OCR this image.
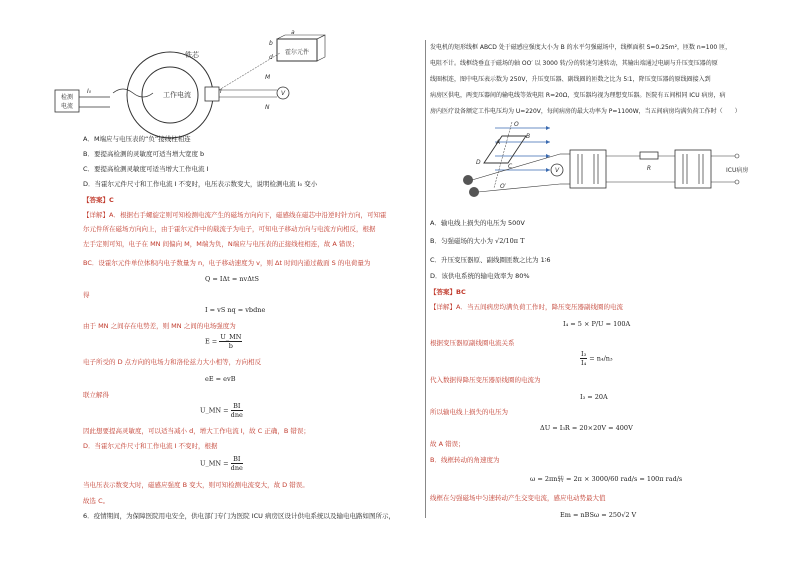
检测
电流
I₀
铁芯
工作电流	I
M
N
V
霍尔元件
a
b
d
A．M端应与电压表的“负”接线柱相连
B．要提高检测的灵敏度可适当增大宽度 b
C．要提高检测灵敏度可适当增大工作电流 I
D．当霍尔元件尺寸和工作电流 I 不变时，电压表示数变大，说明检测电流 I₀ 变小
【答案】C
【详解】A．根据右手螺旋定则可知检测电流产生的磁场方向向下，磁感线在磁芯中沿逆时针方向，可知霍
尔元件所在磁场方向向上，由于霍尔元件中的载流子为电子，可知电子移动方向与电流方向相反，根据
左手定则可知，电子在 MN 间偏向 M，M端为负，N端应与电压表的正接线柱相连，故 A 错误；
BC．设霍尔元件单位体积内电子数量为 n，电子移动速度为 v，则 Δt 时间内通过截面 S 的电荷量为
Q = IΔt = nvΔtS
得
I = vS nq = vbdne
由于 MN 之间存在电势差，则 MN 之间的电场强度为
$E = \frac{U\_MN}{b}$
电子所受的 D 点方向的电场力和洛伦兹力大小相等，方向相反
eE = evB
联立解得
U_MN = $\frac{BI}{\text{dne}}$
因此想要提高灵敏度，可以适当减小 d，增大工作电流 I，故 C 正确，B 错误；
D．当霍尔元件尺寸和工作电流 I 不变时，根据
U_MN = $\frac{BI}{\text{dne}}$
当电压表示数变大时，磁感应强度 B 变大，则可知检测电流变大，故 D 错误。
故选 C。
6．疫情期间，为保障医院用电安全，供电部门专门为医院 ICU 病房区设计供电系统以及输电电路如图所示，
发电机的矩形线框 ABCD 处于磁感应强度大小为 B 的水平匀强磁场中，线框面积 S=0.25m²，匝数 n=100 匝，
电阻不计。线框绕垂直于磁场的轴 OO′ 以 3000 转/分的转速匀速转动，其输出端通过电刷与升压变压器的原
线圈相连，图中电压表示数为 250V，升压变压器、副线圈的匝数之比为 5∶1，降压变压器的原线圈接入到
病房区供电，两变压器间的输电线等效电阻 R=20Ω，变压器均视为理想变压器。医院有五间相同 ICU 病房，病
房内医疗设备额定工作电压均为 U=220V，每间病房的最大功率为 P=1100W，当五间病房均满负荷工作时（　　）
O
O′
A
B
C
D
V	R	ICU病房
A．输电线上损失的电压为 500V
B．匀强磁场的大小为 √2/10π T
C．升压变压器原、副线圈匝数之比为 1∶6
D．该供电系统的输电效率为 80%
【答案】BC
【详解】A．当五间病房均满负荷工作时，降压变压器副线圈的电流
I₄ = 5 × P/U = 100A
根据变压器原副线圈电流关系
$\frac{\text{I₃}}{\text{I₄}} = n_4/n_3$
代入数据得降压变压器原线圈的电流为
I₃ = 20A
所以输电线上损失的电压为
ΔU = I₃R = 20×20V = 400V
故 A 错误；
B．线框转动的角速度为
ω = 2πn转 = 2π × 3000/60 rad/s = 100π rad/s
线框在匀强磁场中匀速转动产生交变电流，感应电动势最大值
Em = nBSω = 250√2 V
